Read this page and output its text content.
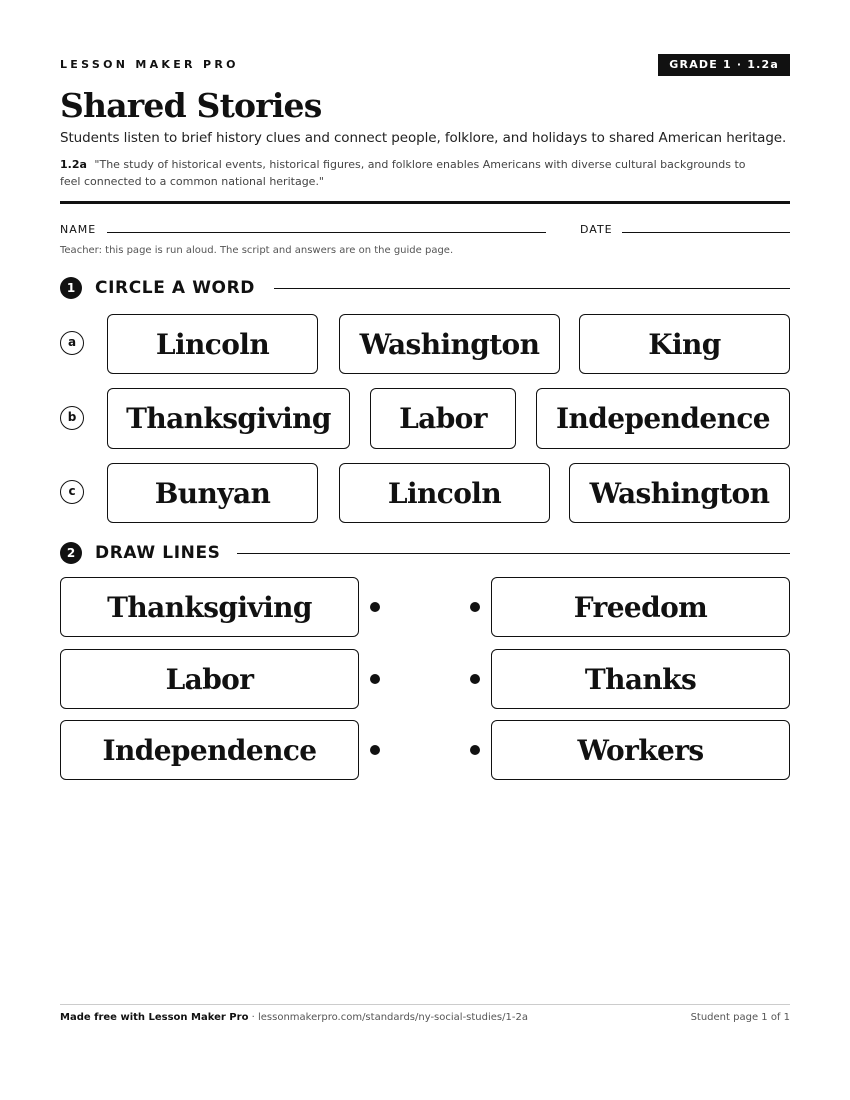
LESSON MAKER PRO	GRADE 1 · 1.2a
Shared Stories
Students listen to brief history clues and connect people, folklore, and holidays to shared American heritage.
1.2a "The study of historical events, historical figures, and folklore enables Americans with diverse cultural backgrounds to feel connected to a common national heritage."
NAME	DATE
Teacher: this page is run aloud. The script and answers are on the guide page.
1	CIRCLE A WORD
a	Lincoln	Washington	King
b	Thanksgiving	Labor	Independence
c	Bunyan	Lincoln	Washington
2	DRAW LINES
Thanksgiving	Freedom
Labor	Thanks
Independence	Workers
Made free with Lesson Maker Pro · lessonmakerpro.com/standards/ny-social-studies/1-2a	Student page 1 of 1
